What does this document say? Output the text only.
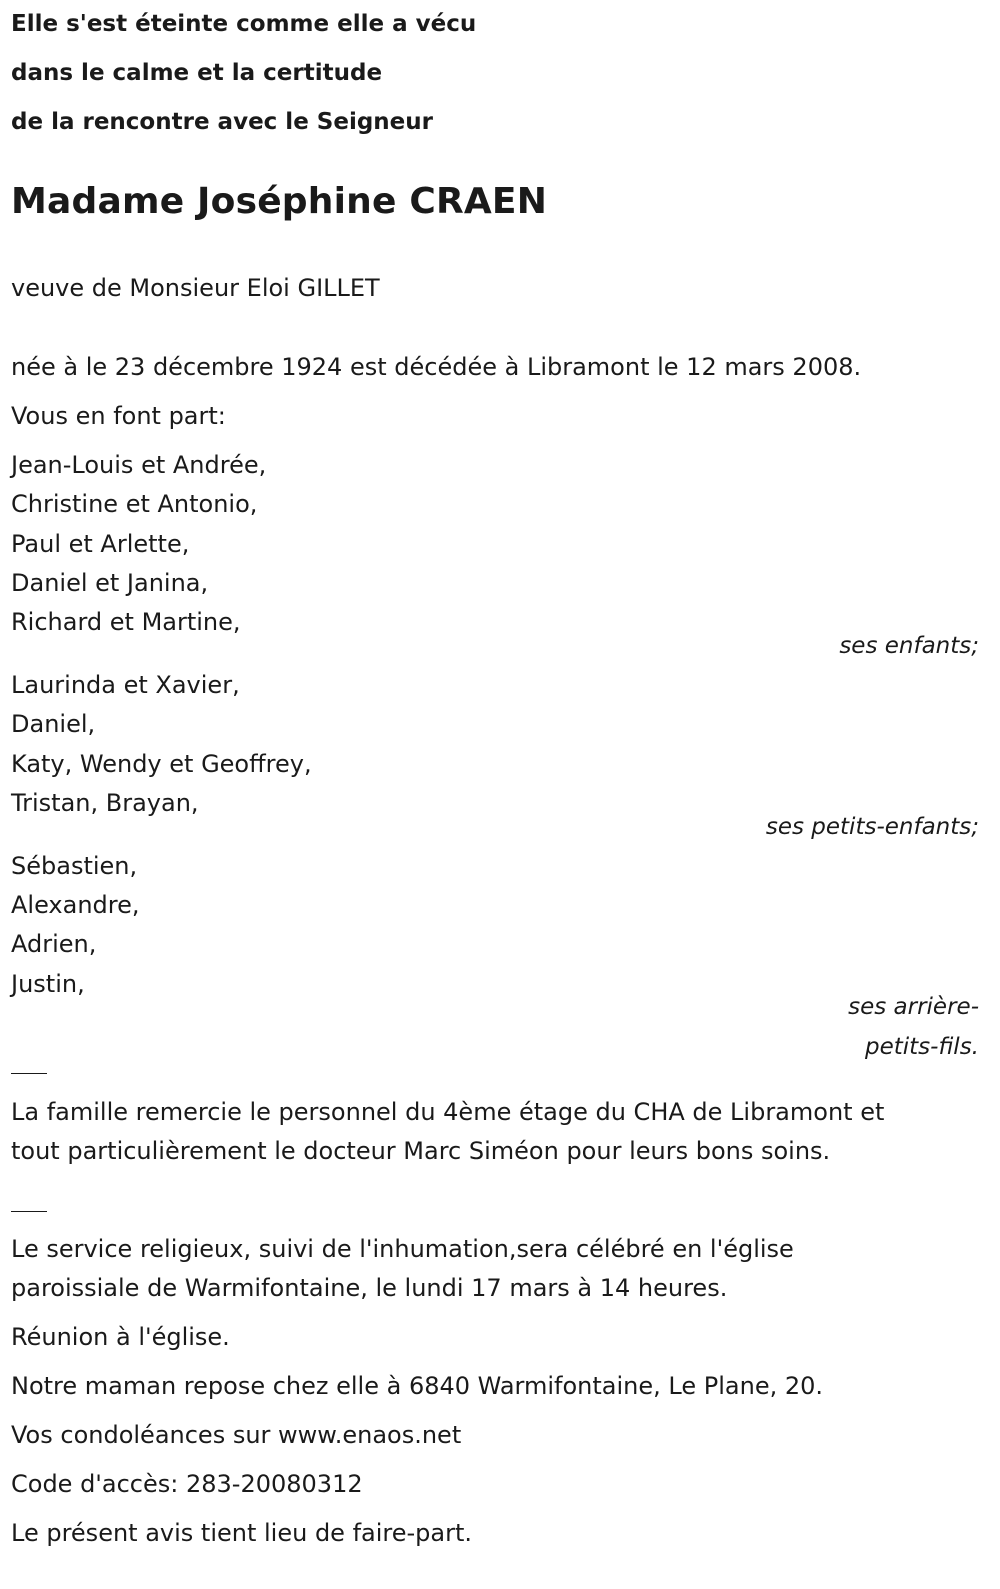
Elle s'est éteinte comme elle a vécu

dans le calme et la certitude

de la rencontre avec le Seigneur

Madame Joséphine CRAEN

veuve de Monsieur Eloi GILLET

née à le 23 décembre 1924 est décédée à Libramont le 12 mars 2008.

Vous en font part:

Jean-Louis et Andrée,

Christine et Antonio,

Paul et Arlette,

Daniel et Janina,

Richard et Martine,

ses enfants;

Laurinda et Xavier,

Daniel,

Katy, Wendy et Geoffrey,

Tristan, Brayan,

ses petits-enfants;

Sébastien,

Alexandre,

Adrien,

Justin,

ses arrière-

petits-fils.

La famille remercie le personnel du 4ème étage du CHA de Libramont et

tout particulièrement le docteur Marc Siméon pour leurs bons soins.

Le service religieux, suivi de l'inhumation,sera célébré en l'église

paroissiale de Warmifontaine, le lundi 17 mars à 14 heures.

Réunion à l'église.

Notre maman repose chez elle à 6840 Warmifontaine, Le Plane, 20.

Vos condoléances sur www.enaos.net

Code d'accès: 283-20080312

Le présent avis tient lieu de faire-part.
